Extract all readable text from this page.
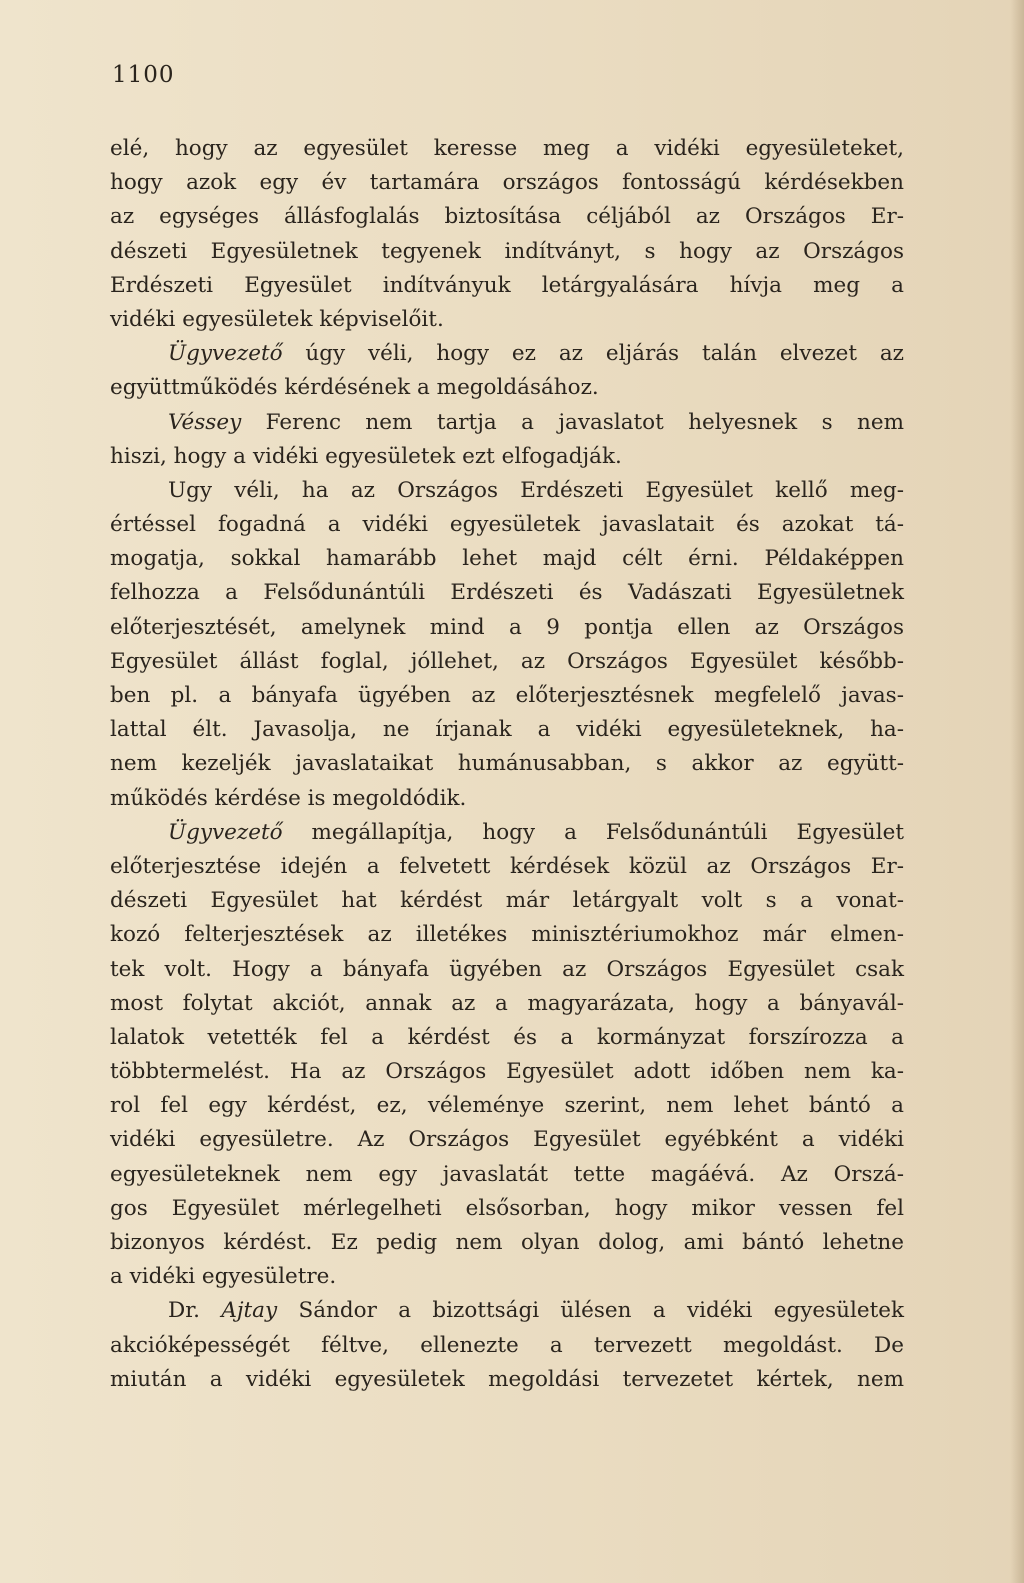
1100
elé, hogy az egyesület keresse meg a vidéki egyesületeket,
hogy azok egy év tartamára országos fontosságú kérdésekben
az egységes állásfoglalás biztosítása céljából az Országos Er-
dészeti Egyesületnek tegyenek indítványt, s hogy az Országos
Erdészeti Egyesület indítványuk letárgyalására hívja meg a
vidéki egyesületek képviselőit.
Ügyvezető úgy véli, hogy ez az eljárás talán elvezet az
együttműködés kérdésének a megoldásához.
Véssey Ferenc nem tartja a javaslatot helyesnek s nem
hiszi, hogy a vidéki egyesületek ezt elfogadják.
Ugy véli, ha az Országos Erdészeti Egyesület kellő meg-
értéssel fogadná a vidéki egyesületek javaslatait és azokat tá-
mogatja, sokkal hamarább lehet majd célt érni. Példaképpen
felhozza a Felsődunántúli Erdészeti és Vadászati Egyesületnek
előterjesztését, amelynek mind a 9 pontja ellen az Országos
Egyesület állást foglal, jóllehet, az Országos Egyesület később-
ben pl. a bányafa ügyében az előterjesztésnek megfelelő javas-
lattal élt. Javasolja, ne írjanak a vidéki egyesületeknek, ha-
nem kezeljék javaslataikat humánusabban, s akkor az együtt-
működés kérdése is megoldódik.
Ügyvezető megállapítja, hogy a Felsődunántúli Egyesület
előterjesztése idején a felvetett kérdések közül az Országos Er-
dészeti Egyesület hat kérdést már letárgyalt volt s a vonat-
kozó felterjesztések az illetékes minisztériumokhoz már elmen-
tek volt. Hogy a bányafa ügyében az Országos Egyesület csak
most folytat akciót, annak az a magyarázata, hogy a bányavál-
lalatok vetették fel a kérdést és a kormányzat forszírozza a
többtermelést. Ha az Országos Egyesület adott időben nem ka-
rol fel egy kérdést, ez, véleménye szerint, nem lehet bántó a
vidéki egyesületre. Az Országos Egyesület egyébként a vidéki
egyesületeknek nem egy javaslatát tette magáévá. Az Orszá-
gos Egyesület mérlegelheti elsősorban, hogy mikor vessen fel
bizonyos kérdést. Ez pedig nem olyan dolog, ami bántó lehetne
a vidéki egyesületre.
Dr. Ajtay Sándor a bizottsági ülésen a vidéki egyesületek
akcióképességét féltve, ellenezte a tervezett megoldást. De
miután a vidéki egyesületek megoldási tervezetet kértek, nem
